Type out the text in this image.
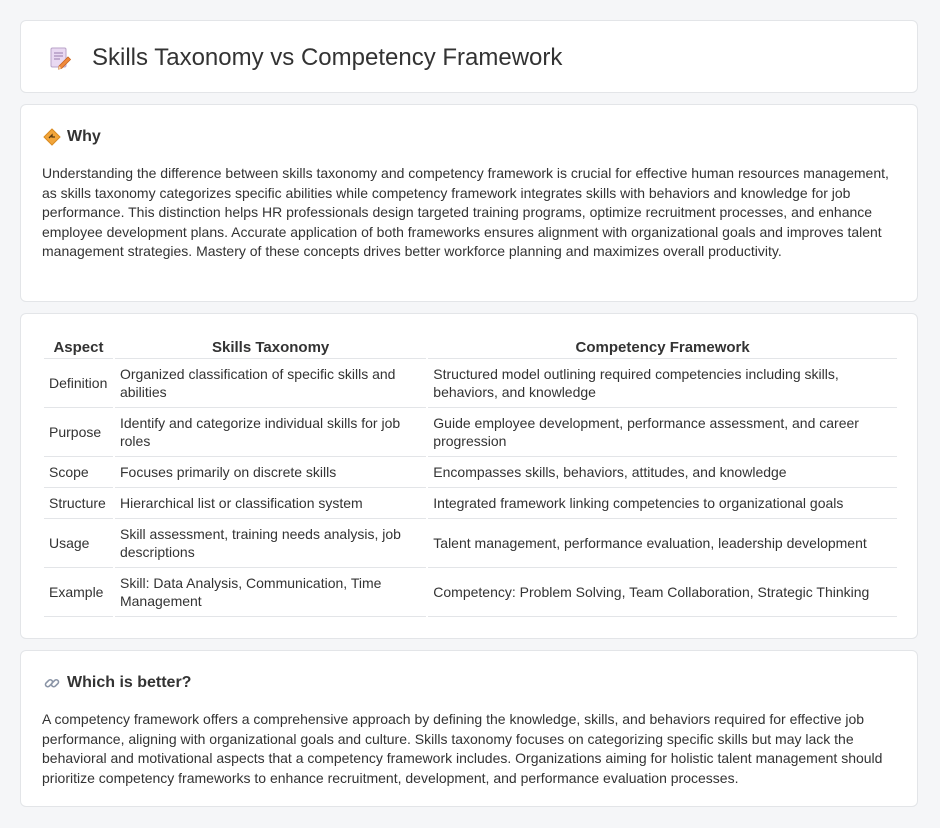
Skills Taxonomy vs Competency Framework
Why

Understanding the difference between skills taxonomy and competency framework is crucial for effective human resources management, as skills taxonomy categorizes specific abilities while competency framework integrates skills with behaviors and knowledge for job performance. This distinction helps HR professionals design targeted training programs, optimize recruitment processes, and enhance employee development plans. Accurate application of both frameworks ensures alignment with organizational goals and improves talent management strategies. Mastery of these concepts drives better workforce planning and maximizes overall productivity.

Aspect	Skills Taxonomy	Competency Framework
Definition	Organized classification of specific skills and abilities	Structured model outlining required competencies including skills, behaviors, and knowledge
Purpose	Identify and categorize individual skills for job roles	Guide employee development, performance assessment, and career progression
Scope	Focuses primarily on discrete skills	Encompasses skills, behaviors, attitudes, and knowledge
Structure	Hierarchical list or classification system	Integrated framework linking competencies to organizational goals
Usage	Skill assessment, training needs analysis, job descriptions	Talent management, performance evaluation, leadership development
Example	Skill: Data Analysis, Communication, Time Management	Competency: Problem Solving, Team Collaboration, Strategic Thinking
Which is better?

A competency framework offers a comprehensive approach by defining the knowledge, skills, and behaviors required for effective job performance, aligning with organizational goals and culture. Skills taxonomy focuses on categorizing specific skills but may lack the behavioral and motivational aspects that a competency framework includes. Organizations aiming for holistic talent management should prioritize competency frameworks to enhance recruitment, development, and performance evaluation processes.
